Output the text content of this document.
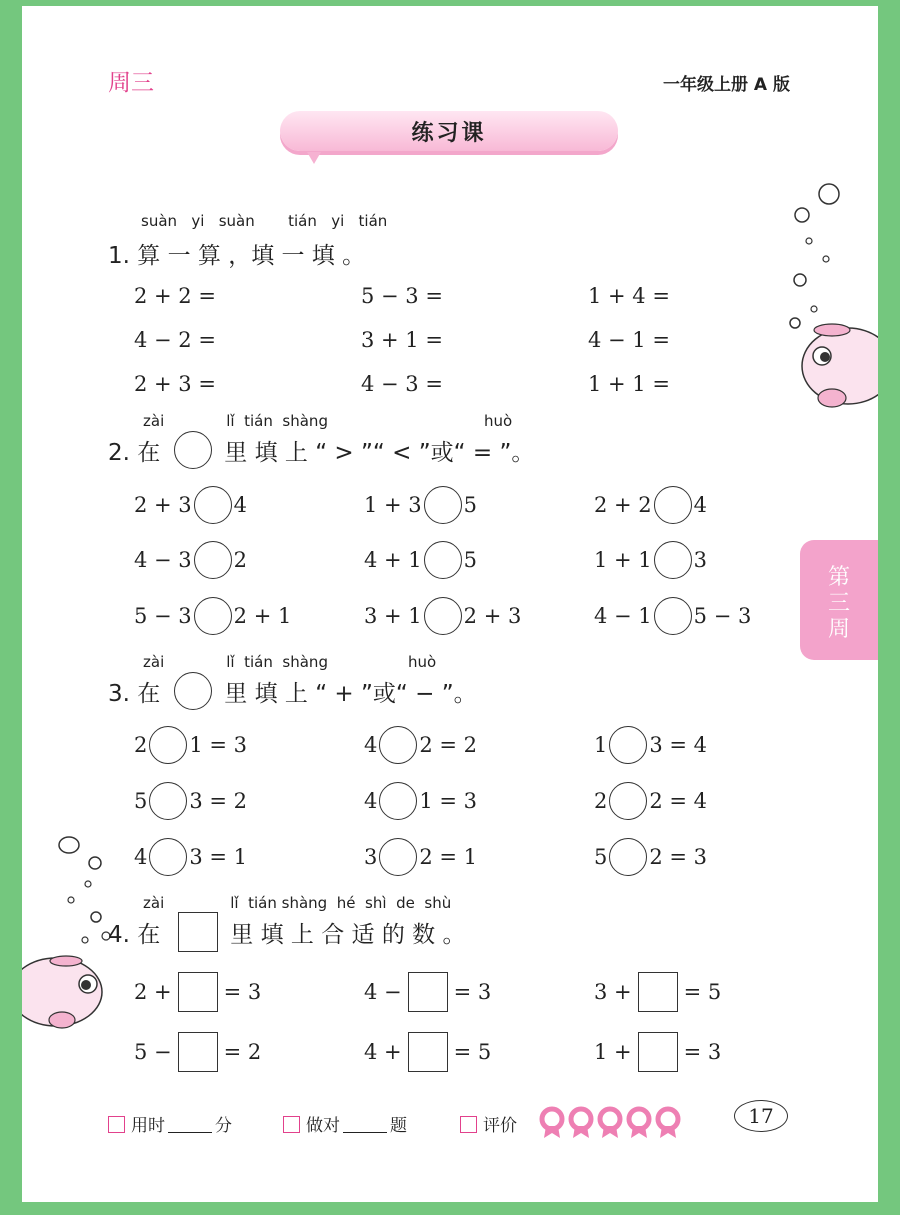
周三	一年级上册 A 版
练习课
suàn yi suàn tián yi tián
1. 算 一 算 ，填 一 填 。
2 + 2 =	5 − 3 =	1 + 4 =
4 − 2 =	3 + 1 =	4 − 1 =
2 + 3 =	4 − 3 =	1 + 1 =
zài	lǐ tián shàng	huò
2. 在	里 填 上 “ > ”“ < ”或“ = ”。
2 + 3 4	1 + 3 5	2 + 2 4
4 − 3 2	4 + 1 5	1 + 1 3
5 − 3 2 + 1	3 + 1 2 + 3	4 − 1 5 − 3
第
三
周
zài	lǐ tián shàng	huò
3. 在	里 填 上 “ + ”或“ − ”。
2 1 = 3	4 2 = 2	1 3 = 4
5 3 = 2	4 1 = 3	2 2 = 4
4 3 = 1	3 2 = 1	5 2 = 3
zài	lǐ tián shàng hé shì de shù
4. 在	里 填 上 合 适 的 数 。
2 + = 3	4 − = 3	3 + = 5
5 − = 2	4 + = 5	1 + = 3
用时	分	做对	题	评价	17
